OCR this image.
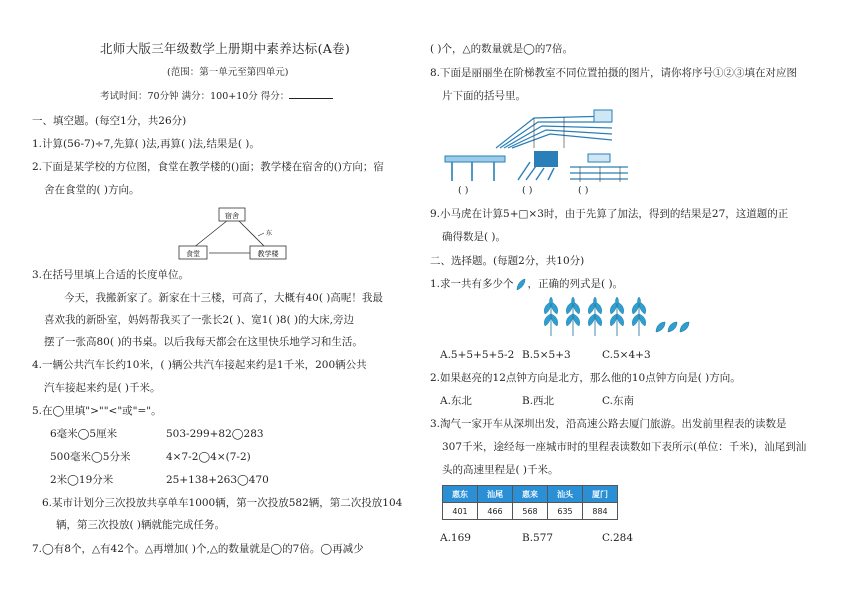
北师大版三年级数学上册期中素养达标(A卷)
(范围：第一单元至第四单元)
考试时间：70分钟 满分：100+10分 得分：
一、填空题。(每空1分，共26分)
1.计算(56-7)÷7,先算( )法,再算( )法,结果是( )。
2.下面是某学校的方位图，食堂在教学楼的()面；教学楼在宿舍的()方向；宿
舍在食堂的( )方向。
宿舍
食堂	教学楼
东
3.在括号里填上合适的长度单位。
今天，我搬新家了。新家在十三楼，可高了，大概有40( )高呢！我最
喜欢我的新卧室，妈妈帮我买了一张长2( )、宽1( )8( )的大床,旁边
摆了一张高80( )的书桌。以后我每天都会在这里快乐地学习和生活。
4.一辆公共汽车长约10米，( )辆公共汽车接起来约是1千米，200辆公共
汽车接起来约是( )千米。
5.在◯里填">""<"或"="。
6毫米◯5厘米	503-299+82◯283
500毫米◯5分米	4×7-2◯4×(7-2)
2米◯19分米	25+138+263◯470
6.某市计划分三次投放共享单车1000辆，第一次投放582辆，第二次投放104
辆，第三次投放( )辆就能完成任务。
7.◯有8个，△有42个。△再增加( )个,△的数量就是◯的7倍。◯再减少
( )个，△的数量就是◯的7倍。
8.下面是丽丽坐在阶梯教室不同位置拍摄的图片，请你将序号①②③填在对应图
片下面的括号里。
( )	( )	( )
9.小马虎在计算5+□×3时，由于先算了加法，得到的结果是27，这道题的正
确得数是( )。
二、选择题。(每题2分，共10分)
1.求一共有多少个 ，正确的列式是( )。
A.5+5+5+5-2 B.5×5+3	C.5×4+3
2.如果赵亮的12点钟方向是北方，那么他的10点钟方向是( )方向。
A.东北	B.西北	C.东南
3.淘气一家开车从深圳出发，沿高速公路去厦门旅游。出发前里程表的读数是
307千米，途经每一座城市时的里程表读数如下表所示(单位：千米)，汕尾到汕
头的高速里程是( )千米。
惠东	汕尾	惠来	汕头	厦门
401	466	568	635	884
A.169	B.577	C.284
